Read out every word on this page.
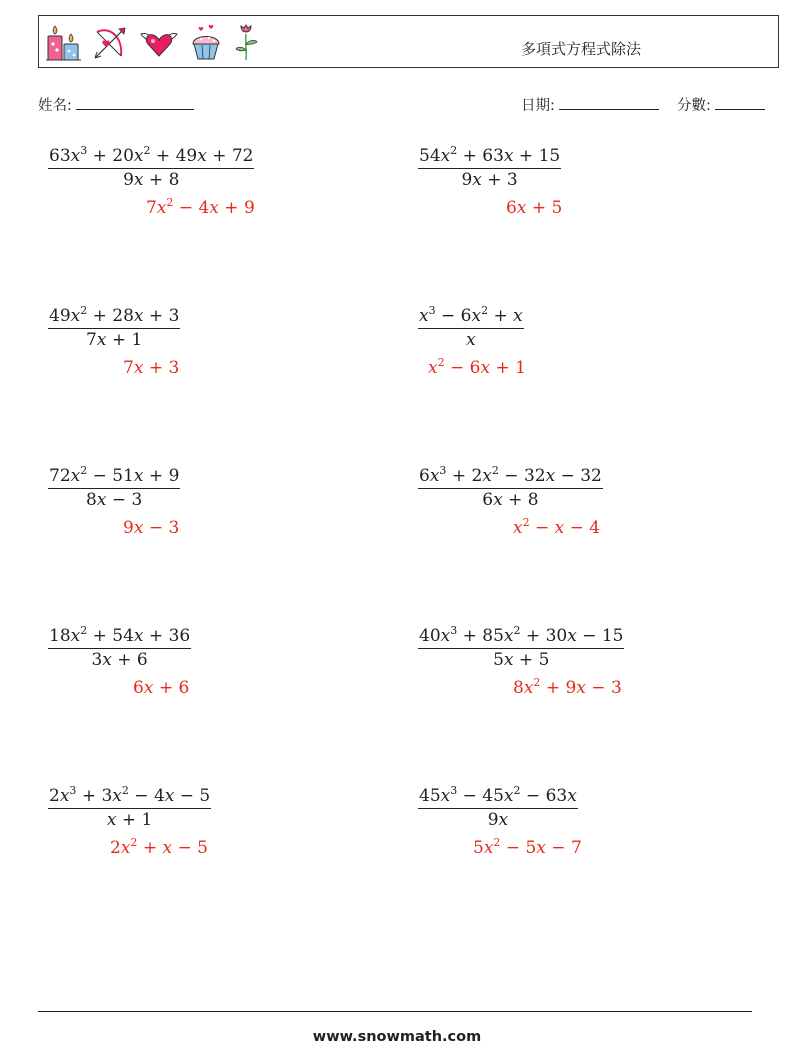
多項式方程式除法
姓名:	日期:	分數:
$\frac{63x^3 + 20x^2 + 49x + 72}{9x + 8}$
$7x^2 - 4x + 9$
$\frac{54x^2 + 63x + 15}{9x + 3}$
6x + 5
$\frac{49x^2 + 28x + 3}{7x + 1}$
7x + 3
$\frac{x^3 - 6x^2 + x}{x}$
$x^2 - 6x + 1$
$\frac{72x^2 - 51x + 9}{8x - 3}$
9x − 3
$\frac{6x^3 + 2x^2 - 32x - 32}{6x + 8}$
$x^2 - x - 4$
$\frac{18x^2 + 54x + 36}{3x + 6}$
6x + 6
$\frac{40x^3 + 85x^2 + 30x - 15}{5x + 5}$
$8x^2 + 9x - 3$
$\frac{2x^3 + 3x^2 - 4x - 5}{x + 1}$
$2x^2 + x - 5$
$\frac{45x^3 - 45x^2 - 63x}{9x}$
$5x^2 - 5x - 7$
www.snowmath.com
